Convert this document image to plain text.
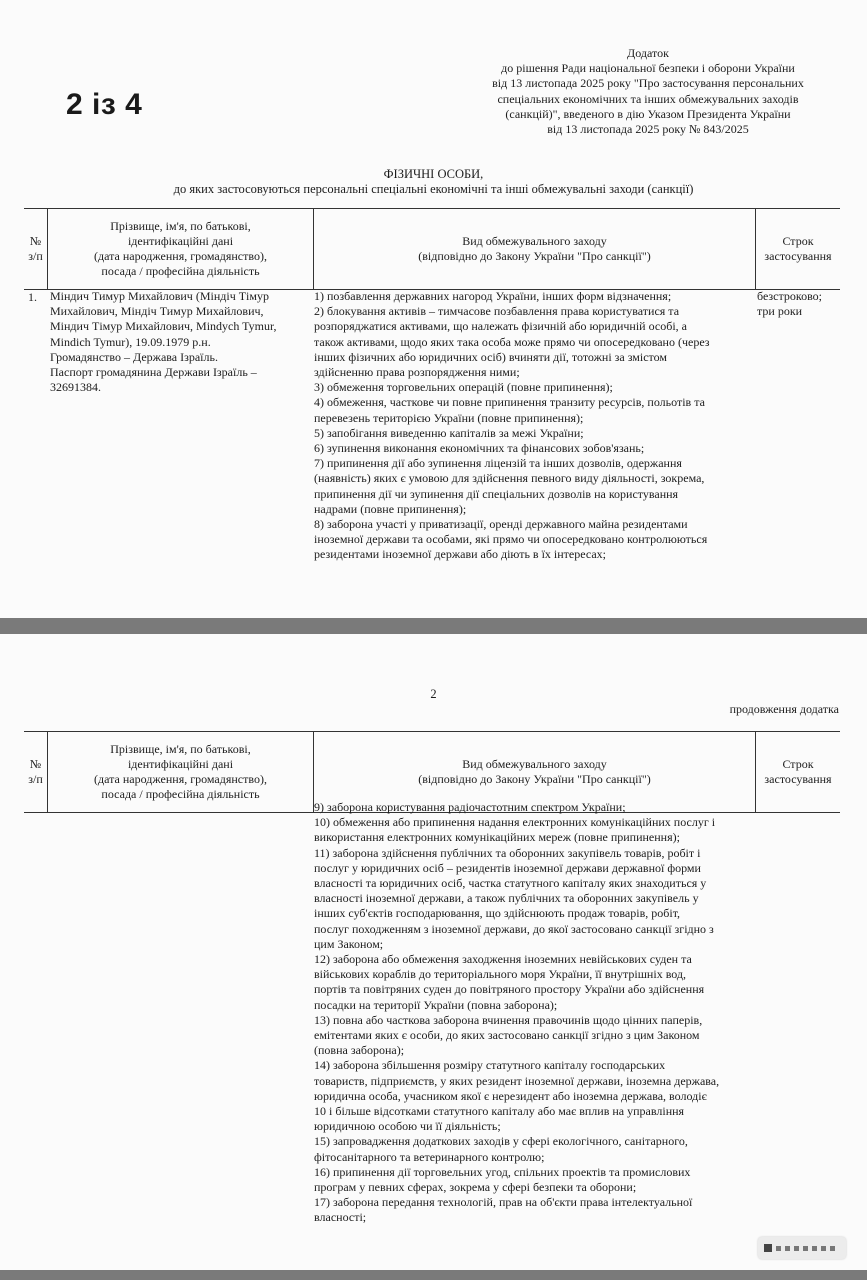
2 із 4
Додаток
до рішення Ради національної безпеки і оборони України
від 13 листопада 2025 року "Про застосування персональних
спеціальних економічних та інших обмежувальних заходів
(санкцій)", введеного в дію Указом Президента України
від 13 листопада 2025 року № 843/2025
ФІЗИЧНІ ОСОБИ,
до яких застосовуються персональні спеціальні економічні та інші обмежувальні заходи (санкції)
№
з/п
Прізвище, ім'я, по батькові,
ідентифікаційні дані
(дата народження, громадянство),
посада / професійна діяльність
Вид обмежувального заходу
(відповідно до Закону України "Про санкції")
Строк
застосування
1. Міндич Тимур Михайлович (Міндіч Тімур
Михайлович, Міндіч Тимур Михайлович,
Міндич Тімур Михайлович, Mindych Tymur,
Mindich Tymur), 19.09.1979 р.н.
Громадянство – Держава Ізраїль.
Паспорт громадянина Держави Ізраїль –
32691384.
1) позбавлення державних нагород України, інших форм відзначення;
2) блокування активів – тимчасове позбавлення права користуватися та
розпоряджатися активами, що належать фізичній або юридичній особі, а
також активами, щодо яких така особа може прямо чи опосередковано (через
інших фізичних або юридичних осіб) вчиняти дії, тотожні за змістом
здійсненню права розпорядження ними;
3) обмеження торговельних операцій (повне припинення);
4) обмеження, часткове чи повне припинення транзиту ресурсів, польотів та
перевезень територією України (повне припинення);
5) запобігання виведенню капіталів за межі України;
6) зупинення виконання економічних та фінансових зобов'язань;
7) припинення дії або зупинення ліцензій та інших дозволів, одержання
(наявність) яких є умовою для здійснення певного виду діяльності, зокрема,
припинення дії чи зупинення дії спеціальних дозволів на користування
надрами (повне припинення);
8) заборона участі у приватизації, оренді державного майна резидентами
іноземної держави та особами, які прямо чи опосередковано контролюються
резидентами іноземної держави або діють в їх інтересах;
безстроково;
три роки
2
продовження додатка
№
з/п
Прізвище, ім'я, по батькові,
ідентифікаційні дані
(дата народження, громадянство),
посада / професійна діяльність
Вид обмежувального заходу
(відповідно до Закону України "Про санкції")
Строк
застосування
9) заборона користування радіочастотним спектром України;
10) обмеження або припинення надання електронних комунікаційних послуг і
використання електронних комунікаційних мереж (повне припинення);
11) заборона здійснення публічних та оборонних закупівель товарів, робіт і
послуг у юридичних осіб – резидентів іноземної держави державної форми
власності та юридичних осіб, частка статутного капіталу яких знаходиться у
власності іноземної держави, а також публічних та оборонних закупівель у
інших суб'єктів господарювання, що здійснюють продаж товарів, робіт,
послуг походженням з іноземної держави, до якої застосовано санкції згідно з
цим Законом;
12) заборона або обмеження заходження іноземних невійськових суден та
військових кораблів до територіального моря України, її внутрішніх вод,
портів та повітряних суден до повітряного простору України або здійснення
посадки на території України (повна заборона);
13) повна або часткова заборона вчинення правочинів щодо цінних паперів,
емітентами яких є особи, до яких застосовано санкції згідно з цим Законом
(повна заборона);
14) заборона збільшення розміру статутного капіталу господарських
товариств, підприємств, у яких резидент іноземної держави, іноземна держава,
юридична особа, учасником якої є нерезидент або іноземна держава, володіє
10 і більше відсотками статутного капіталу або має вплив на управління
юридичною особою чи її діяльність;
15) запровадження додаткових заходів у сфері екологічного, санітарного,
фітосанітарного та ветеринарного контролю;
16) припинення дії торговельних угод, спільних проектів та промислових
програм у певних сферах, зокрема у сфері безпеки та оборони;
17) заборона передання технологій, прав на об'єкти права інтелектуальної
власності;
